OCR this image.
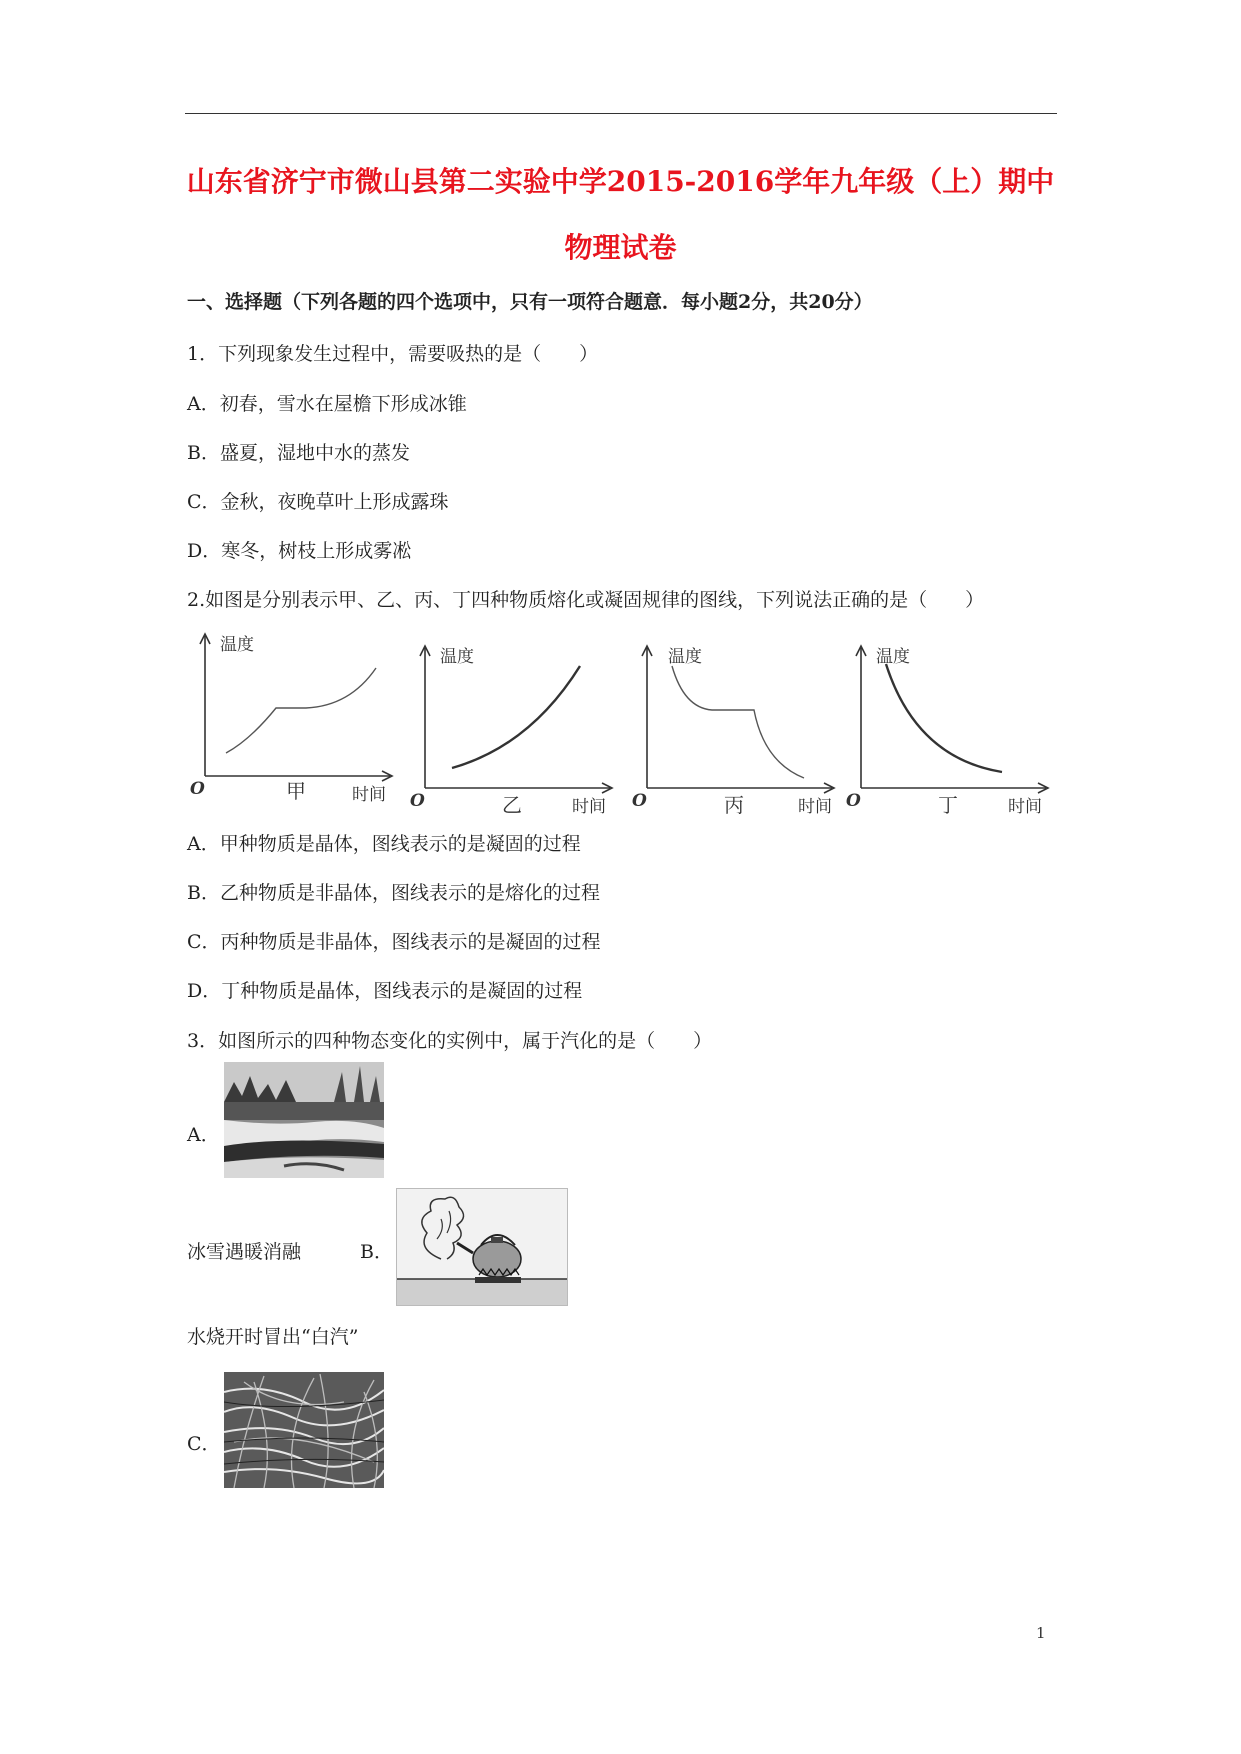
山东省济宁市微山县第二实验中学2015-2016学年九年级（上）期中
物理试卷
一、选择题（下列各题的四个选项中，只有一项符合题意．每小题2分，共20分）
1．下列现象发生过程中，需要吸热的是（　　）
A．初春，雪水在屋檐下形成冰锥
B．盛夏，湿地中水的蒸发
C．金秋，夜晚草叶上形成露珠
D．寒冬，树枝上形成雾凇
2.如图是分别表示甲、乙、丙、丁四种物质熔化或凝固规律的图线，下列说法正确的是（　　）
温度
O	甲	时间
温度
O	乙	时间
温度
O	丙	时间
温度
O	丁	时间
A．甲种物质是晶体，图线表示的是凝固的过程
B．乙种物质是非晶体，图线表示的是熔化的过程
C．丙种物质是非晶体，图线表示的是凝固的过程
D．丁种物质是晶体，图线表示的是凝固的过程
3．如图所示的四种物态变化的实例中，属于汽化的是（　　）
A．
冰雪遇暖消融	B．
水烧开时冒出“白汽”
C．
1
